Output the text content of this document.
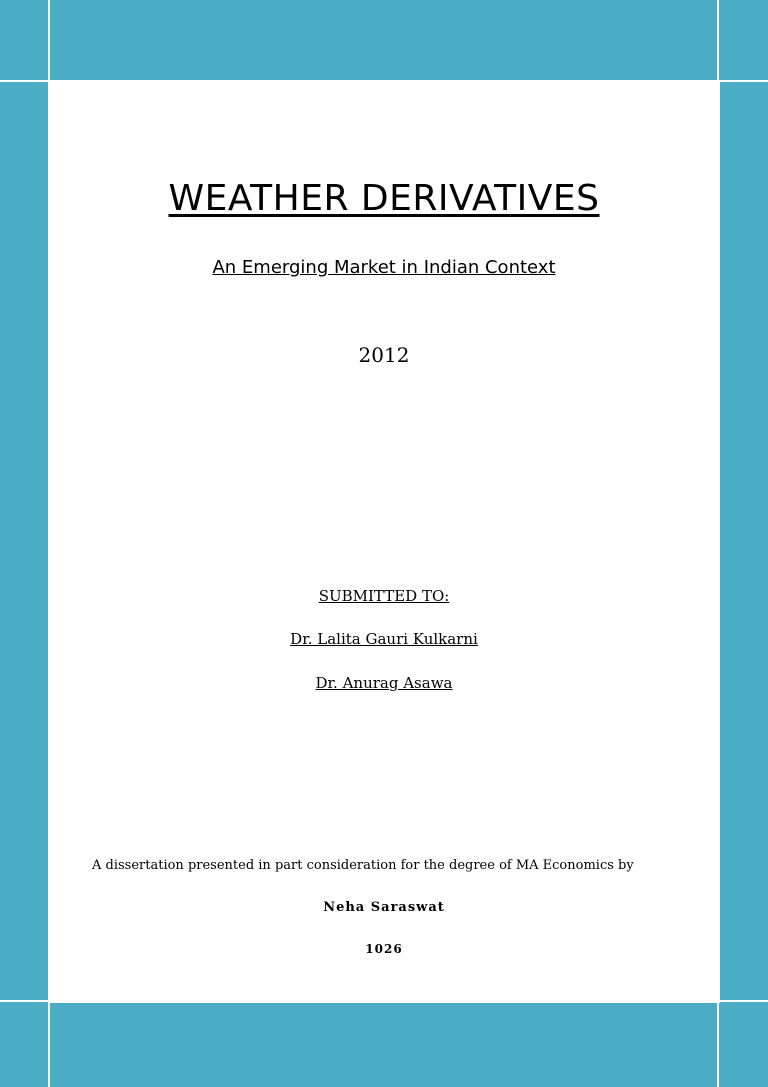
WEATHER DERIVATIVES
An Emerging Market in Indian Context
2012
SUBMITTED TO:
Dr. Lalita Gauri Kulkarni
Dr. Anurag Asawa
A dissertation presented in part consideration for the degree of MA Economics by
Neha Saraswat
1026
